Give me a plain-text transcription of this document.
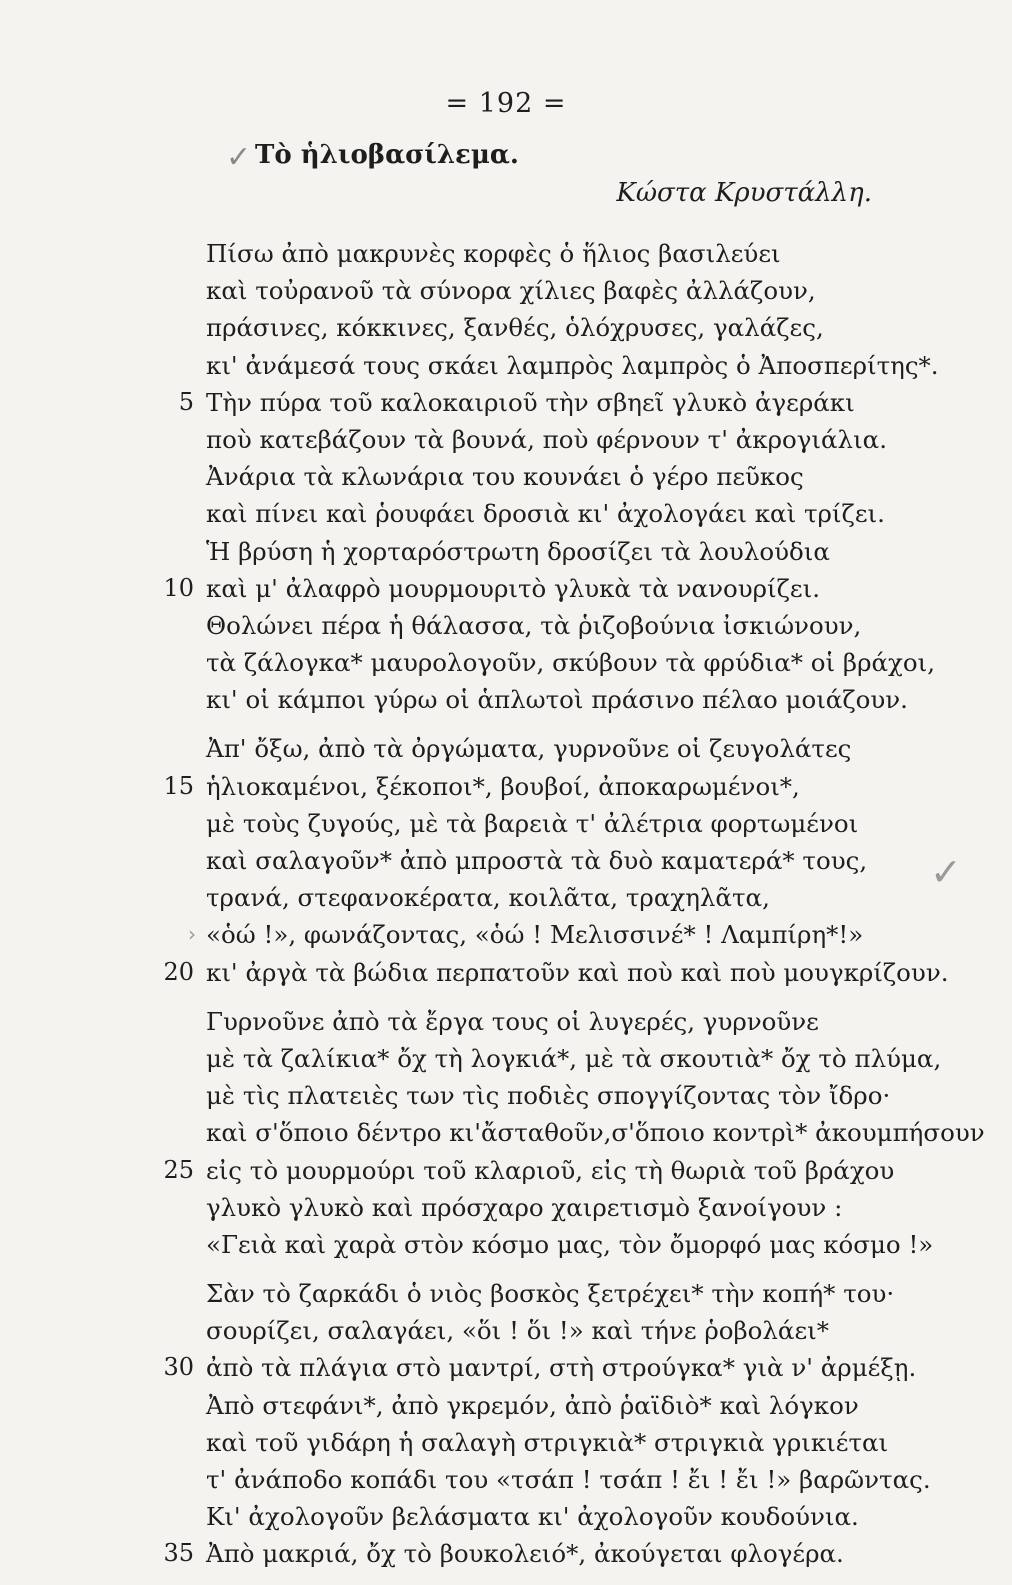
= 192 =
✓ Τὸ ἡλιοβασίλεμα.
Κώστα Κρυστάλλη.
Πίσω ἀπὸ μακρυνὲς κορφὲς ὁ ἥλιος βασιλεύει
καὶ τοὐρανοῦ τὰ σύνορα χίλιες βαφὲς ἀλλάζουν,
πράσινες, κόκκινες, ξανθές, ὁλόχρυσες, γαλάζες,
κι' ἀνάμεσά τους σκάει λαμπρὸς λαμπρὸς ὁ Ἀποσπερίτης*.
5 Τὴν πύρα τοῦ καλοκαιριοῦ τὴν σβηεῖ γλυκὸ ἀγεράκι
ποὺ κατεβάζουν τὰ βουνά, ποὺ φέρνουν τ' ἀκρογιάλια.
Ἀνάρια τὰ κλωνάρια του κουνάει ὁ γέρο πεῦκος
καὶ πίνει καὶ ῥουφάει δροσιὰ κι' ἀχολογάει καὶ τρίζει.
Ἡ βρύση ἡ χορταρόστρωτη δροσίζει τὰ λουλούδια
10 καὶ μ' ἀλαφρὸ μουρμουριτὸ γλυκὰ τὰ νανουρίζει.
Θολώνει πέρα ἡ θάλασσα, τὰ ῥιζοβούνια ἰσκιώνουν,
τὰ ζάλογκα* μαυρολογοῦν, σκύβουν τὰ φρύδια* οἱ βράχοι,
κι' οἱ κάμποι γύρω οἱ ἁπλωτοὶ πράσινο πέλαο μοιάζουν.
Ἀπ' ὄξω, ἀπὸ τὰ ὀργώματα, γυρνοῦνε οἱ ζευγολάτες
15 ἡλιοκαμένοι, ξέκοποι*, βουβοί, ἀποκαρωμένοι*,
μὲ τοὺς ζυγούς, μὲ τὰ βαρειὰ τ' ἀλέτρια φορτωμένοι
καὶ σαλαγοῦν* ἀπὸ μπροστὰ τὰ δυὸ καματερά* τους,
τρανά, στεφανοκέρατα, κοιλᾶτα, τραχηλᾶτα,
«ὁώ !», φωνάζοντας, «ὁώ ! Μελισσινέ* ! Λαμπίρη*!»
20 κι' ἀργὰ τὰ βώδια περπατοῦν καὶ ποὺ καὶ ποὺ μουγκρίζουν.
Γυρνοῦνε ἀπὸ τὰ ἔργα τους οἱ λυγερές, γυρνοῦνε
μὲ τὰ ζαλίκια* ὄχ τὴ λογκιά*, μὲ τὰ σκουτιὰ* ὄχ τὸ πλύμα,
μὲ τὶς πλατειὲς των τὶς ποδιὲς σπογγίζοντας τὸν ἴδρο·
καὶ σ'ὅποιο δέντρο κι'ἄσταθοῦν,σ'ὅποιο κοντρὶ* ἀκουμπήσουν
25 εἰς τὸ μουρμούρι τοῦ κλαριοῦ, εἰς τὴ θωριὰ τοῦ βράχου
γλυκὸ γλυκὸ καὶ πρόσχαρο χαιρετισμὸ ξανοίγουν :
«Γειὰ καὶ χαρὰ στὸν κόσμο μας, τὸν ὄμορφό μας κόσμο !»
Σὰν τὸ ζαρκάδι ὁ νιὸς βοσκὸς ξετρέχει* τὴν κοπή* του·
σουρίζει, σαλαγάει, «ὅι ! ὅι !» καὶ τήνε ῥοβολάει*
30 ἀπὸ τὰ πλάγια στὸ μαντρί, στὴ στρούγκα* γιὰ ν' ἀρμέξῃ.
Ἀπὸ στεφάνι*, ἀπὸ γκρεμόν, ἀπὸ ῥαϊδιὸ* καὶ λόγκον
καὶ τοῦ γιδάρη ἡ σαλαγὴ στριγκιὰ* στριγκιὰ γρικιέται
τ' ἀνάποδο κοπάδι του «τσάπ ! τσάπ ! ἔι ! ἔι !» βαρῶντας.
Κι' ἀχολογοῦν βελάσματα κι' ἀχολογοῦν κουδούνια.
35 Ἀπὸ μακριά, ὄχ τὸ βουκολειό*, ἀκούγεται φλογέρα.
✓
›
